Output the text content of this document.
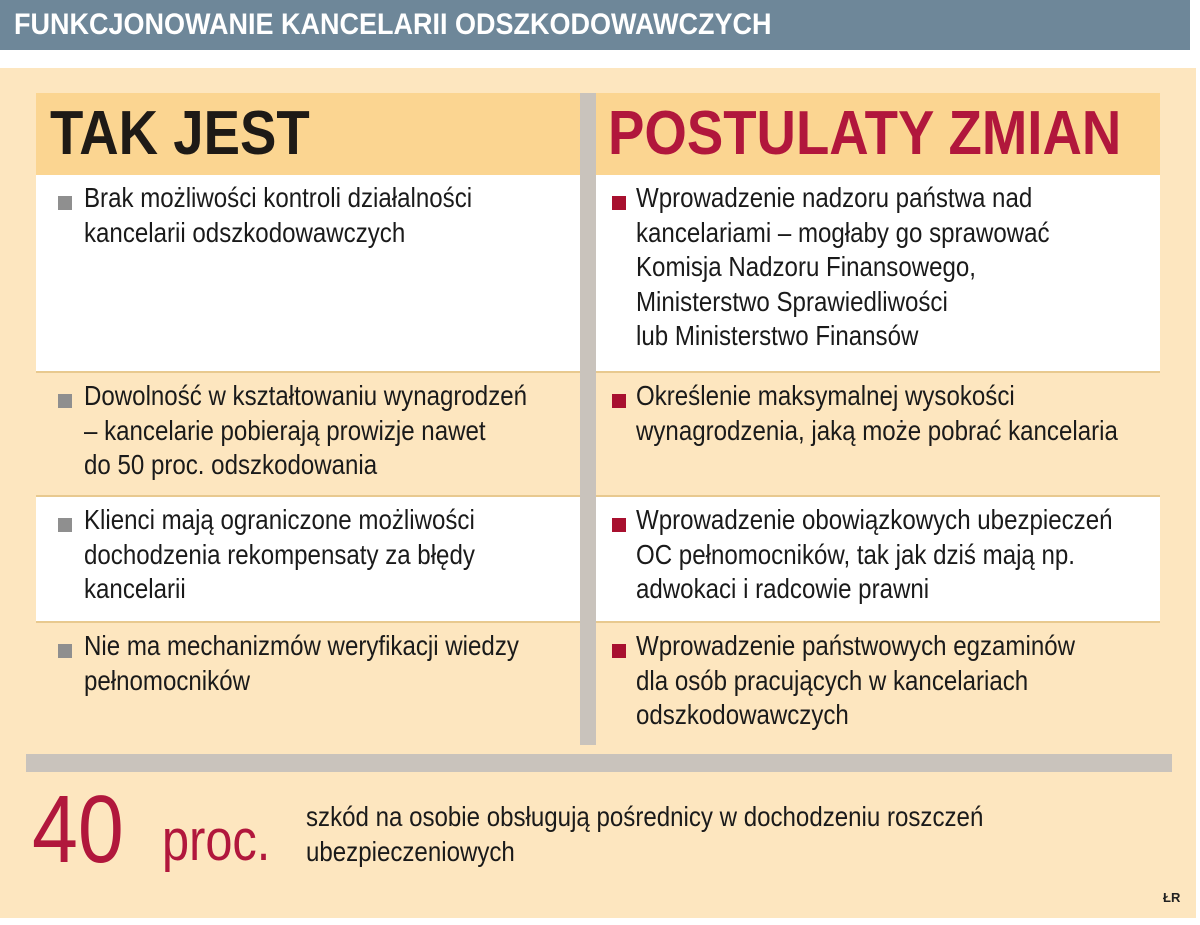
FUNKCJONOWANIE KANCELARII ODSZKODOWAWCZYCH
TAK JEST	POSTULATY ZMIAN
Brak możliwości kontroli działalności
kancelarii odszkodowawczych
Wprowadzenie nadzoru państwa nad
kancelariami – mogłaby go sprawować
Komisja Nadzoru Finansowego,
Ministerstwo Sprawiedliwości
lub Ministerstwo Finansów
Dowolność w kształtowaniu wynagrodzeń
– kancelarie pobierają prowizje nawet
do 50 proc. odszkodowania
Określenie maksymalnej wysokości
wynagrodzenia, jaką może pobrać kancelaria
Klienci mają ograniczone możliwości
dochodzenia rekompensaty za błędy
kancelarii
Wprowadzenie obowiązkowych ubezpieczeń
OC pełnomocników, tak jak dziś mają np.
adwokaci i radcowie prawni
Nie ma mechanizmów weryfikacji wiedzy
pełnomocników
Wprowadzenie państwowych egzaminów
dla osób pracujących w kancelariach
odszkodowawczych
40 proc. szkód na osobie obsługują pośrednicy w dochodzeniu roszczeń
ubezpieczeniowych
ŁR
